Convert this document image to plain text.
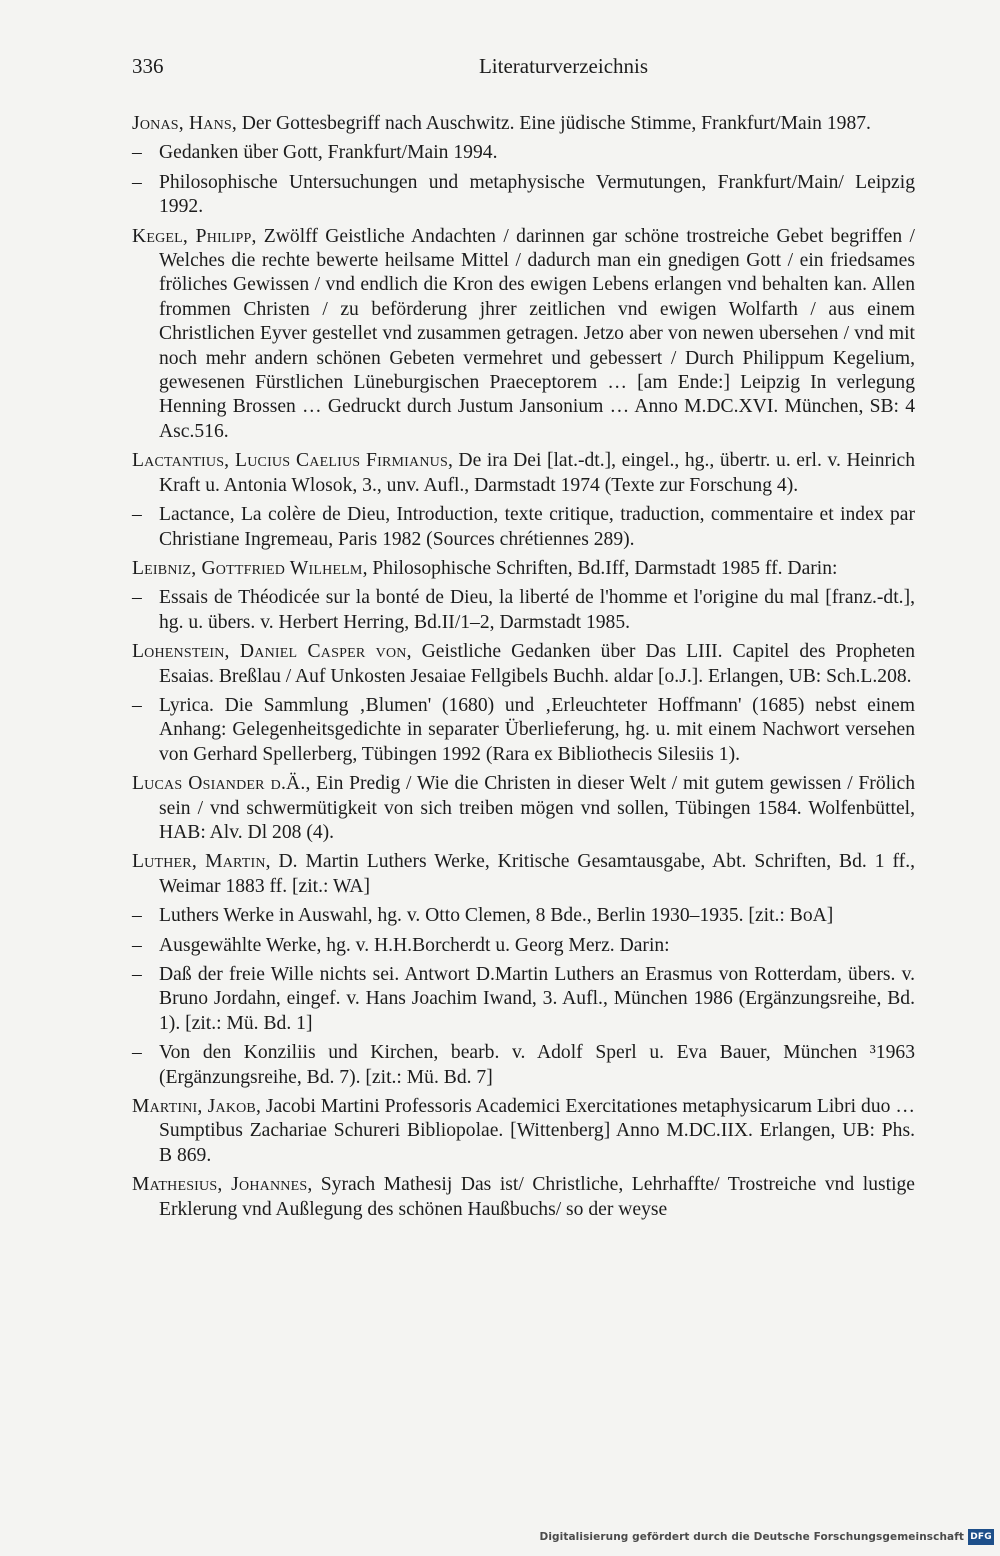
336	Literaturverzeichnis
Jonas, Hans, Der Gottesbegriff nach Auschwitz. Eine jüdische Stimme, Frankfurt/Main 1987.
– Gedanken über Gott, Frankfurt/Main 1994.
– Philosophische Untersuchungen und metaphysische Vermutungen, Frankfurt/Main/ Leipzig 1992.
Kegel, Philipp, Zwölff Geistliche Andachten / darinnen gar schöne trostreiche Gebet begriffen / Welches die rechte bewerte heilsame Mittel / dadurch man ein gnedigen Gott / ein friedsames fröliches Gewissen / vnd endlich die Kron des ewigen Lebens erlangen vnd behalten kan. Allen frommen Christen / zu beförderung jhrer zeitlichen vnd ewigen Wolfarth / aus einem Christlichen Eyver gestellet vnd zusammen getragen. Jetzo aber von newen ubersehen / vnd mit noch mehr andern schönen Gebeten vermehret und gebessert / Durch Philippum Kegelium, gewesenen Fürstlichen Lüneburgischen Praeceptorem … [am Ende:] Leipzig In verlegung Henning Brossen … Gedruckt durch Justum Jansonium … Anno M.DC.XVI. München, SB: 4 Asc.516.
Lactantius, Lucius Caelius Firmianus, De ira Dei [lat.-dt.], eingel., hg., übertr. u. erl. v. Heinrich Kraft u. Antonia Wlosok, 3., unv. Aufl., Darmstadt 1974 (Texte zur Forschung 4).
– Lactance, La colère de Dieu, Introduction, texte critique, traduction, commentaire et index par Christiane Ingremeau, Paris 1982 (Sources chrétiennes 289).
Leibniz, Gottfried Wilhelm, Philosophische Schriften, Bd.Iff, Darmstadt 1985 ff. Darin:
– Essais de Théodicée sur la bonté de Dieu, la liberté de l'homme et l'origine du mal [franz.-dt.], hg. u. übers. v. Herbert Herring, Bd.II/1–2, Darmstadt 1985.
Lohenstein, Daniel Casper von, Geistliche Gedanken über Das LIII. Capitel des Propheten Esaias. Breßlau / Auf Unkosten Jesaiae Fellgibels Buchh. aldar [o.J.]. Erlangen, UB: Sch.L.208.
– Lyrica. Die Sammlung ‚Blumen' (1680) und ‚Erleuchteter Hoffmann' (1685) nebst einem Anhang: Gelegenheitsgedichte in separater Überlieferung, hg. u. mit einem Nachwort versehen von Gerhard Spellerberg, Tübingen 1992 (Rara ex Bibliothecis Silesiis 1).
Lucas Osiander d.Ä., Ein Predig / Wie die Christen in dieser Welt / mit gutem gewissen / Frölich sein / vnd schwermütigkeit von sich treiben mögen vnd sollen, Tübingen 1584. Wolfenbüttel, HAB: Alv. Dl 208 (4).
Luther, Martin, D. Martin Luthers Werke, Kritische Gesamtausgabe, Abt. Schriften, Bd. 1 ff., Weimar 1883 ff. [zit.: WA]
– Luthers Werke in Auswahl, hg. v. Otto Clemen, 8 Bde., Berlin 1930–1935. [zit.: BoA]
– Ausgewählte Werke, hg. v. H.H.Borcherdt u. Georg Merz. Darin:
– Daß der freie Wille nichts sei. Antwort D.Martin Luthers an Erasmus von Rotterdam, übers. v. Bruno Jordahn, eingef. v. Hans Joachim Iwand, 3. Aufl., München 1986 (Ergänzungsreihe, Bd. 1). [zit.: Mü. Bd. 1]
– Von den Konziliis und Kirchen, bearb. v. Adolf Sperl u. Eva Bauer, München ³1963 (Ergänzungsreihe, Bd. 7). [zit.: Mü. Bd. 7]
Martini, Jakob, Jacobi Martini Professoris Academici Exercitationes metaphysicarum Libri duo … Sumptibus Zachariae Schureri Bibliopolae. [Wittenberg] Anno M.DC.IIX. Erlangen, UB: Phs. B 869.
Mathesius, Johannes, Syrach Mathesij Das ist/ Christliche, Lehrhaffte/ Trostreiche vnd lustige Erklerung vnd Außlegung des schönen Haußbuchs/ so der weyse
Digitalisierung gefördert durch die Deutsche Forschungsgemeinschaft DFG
